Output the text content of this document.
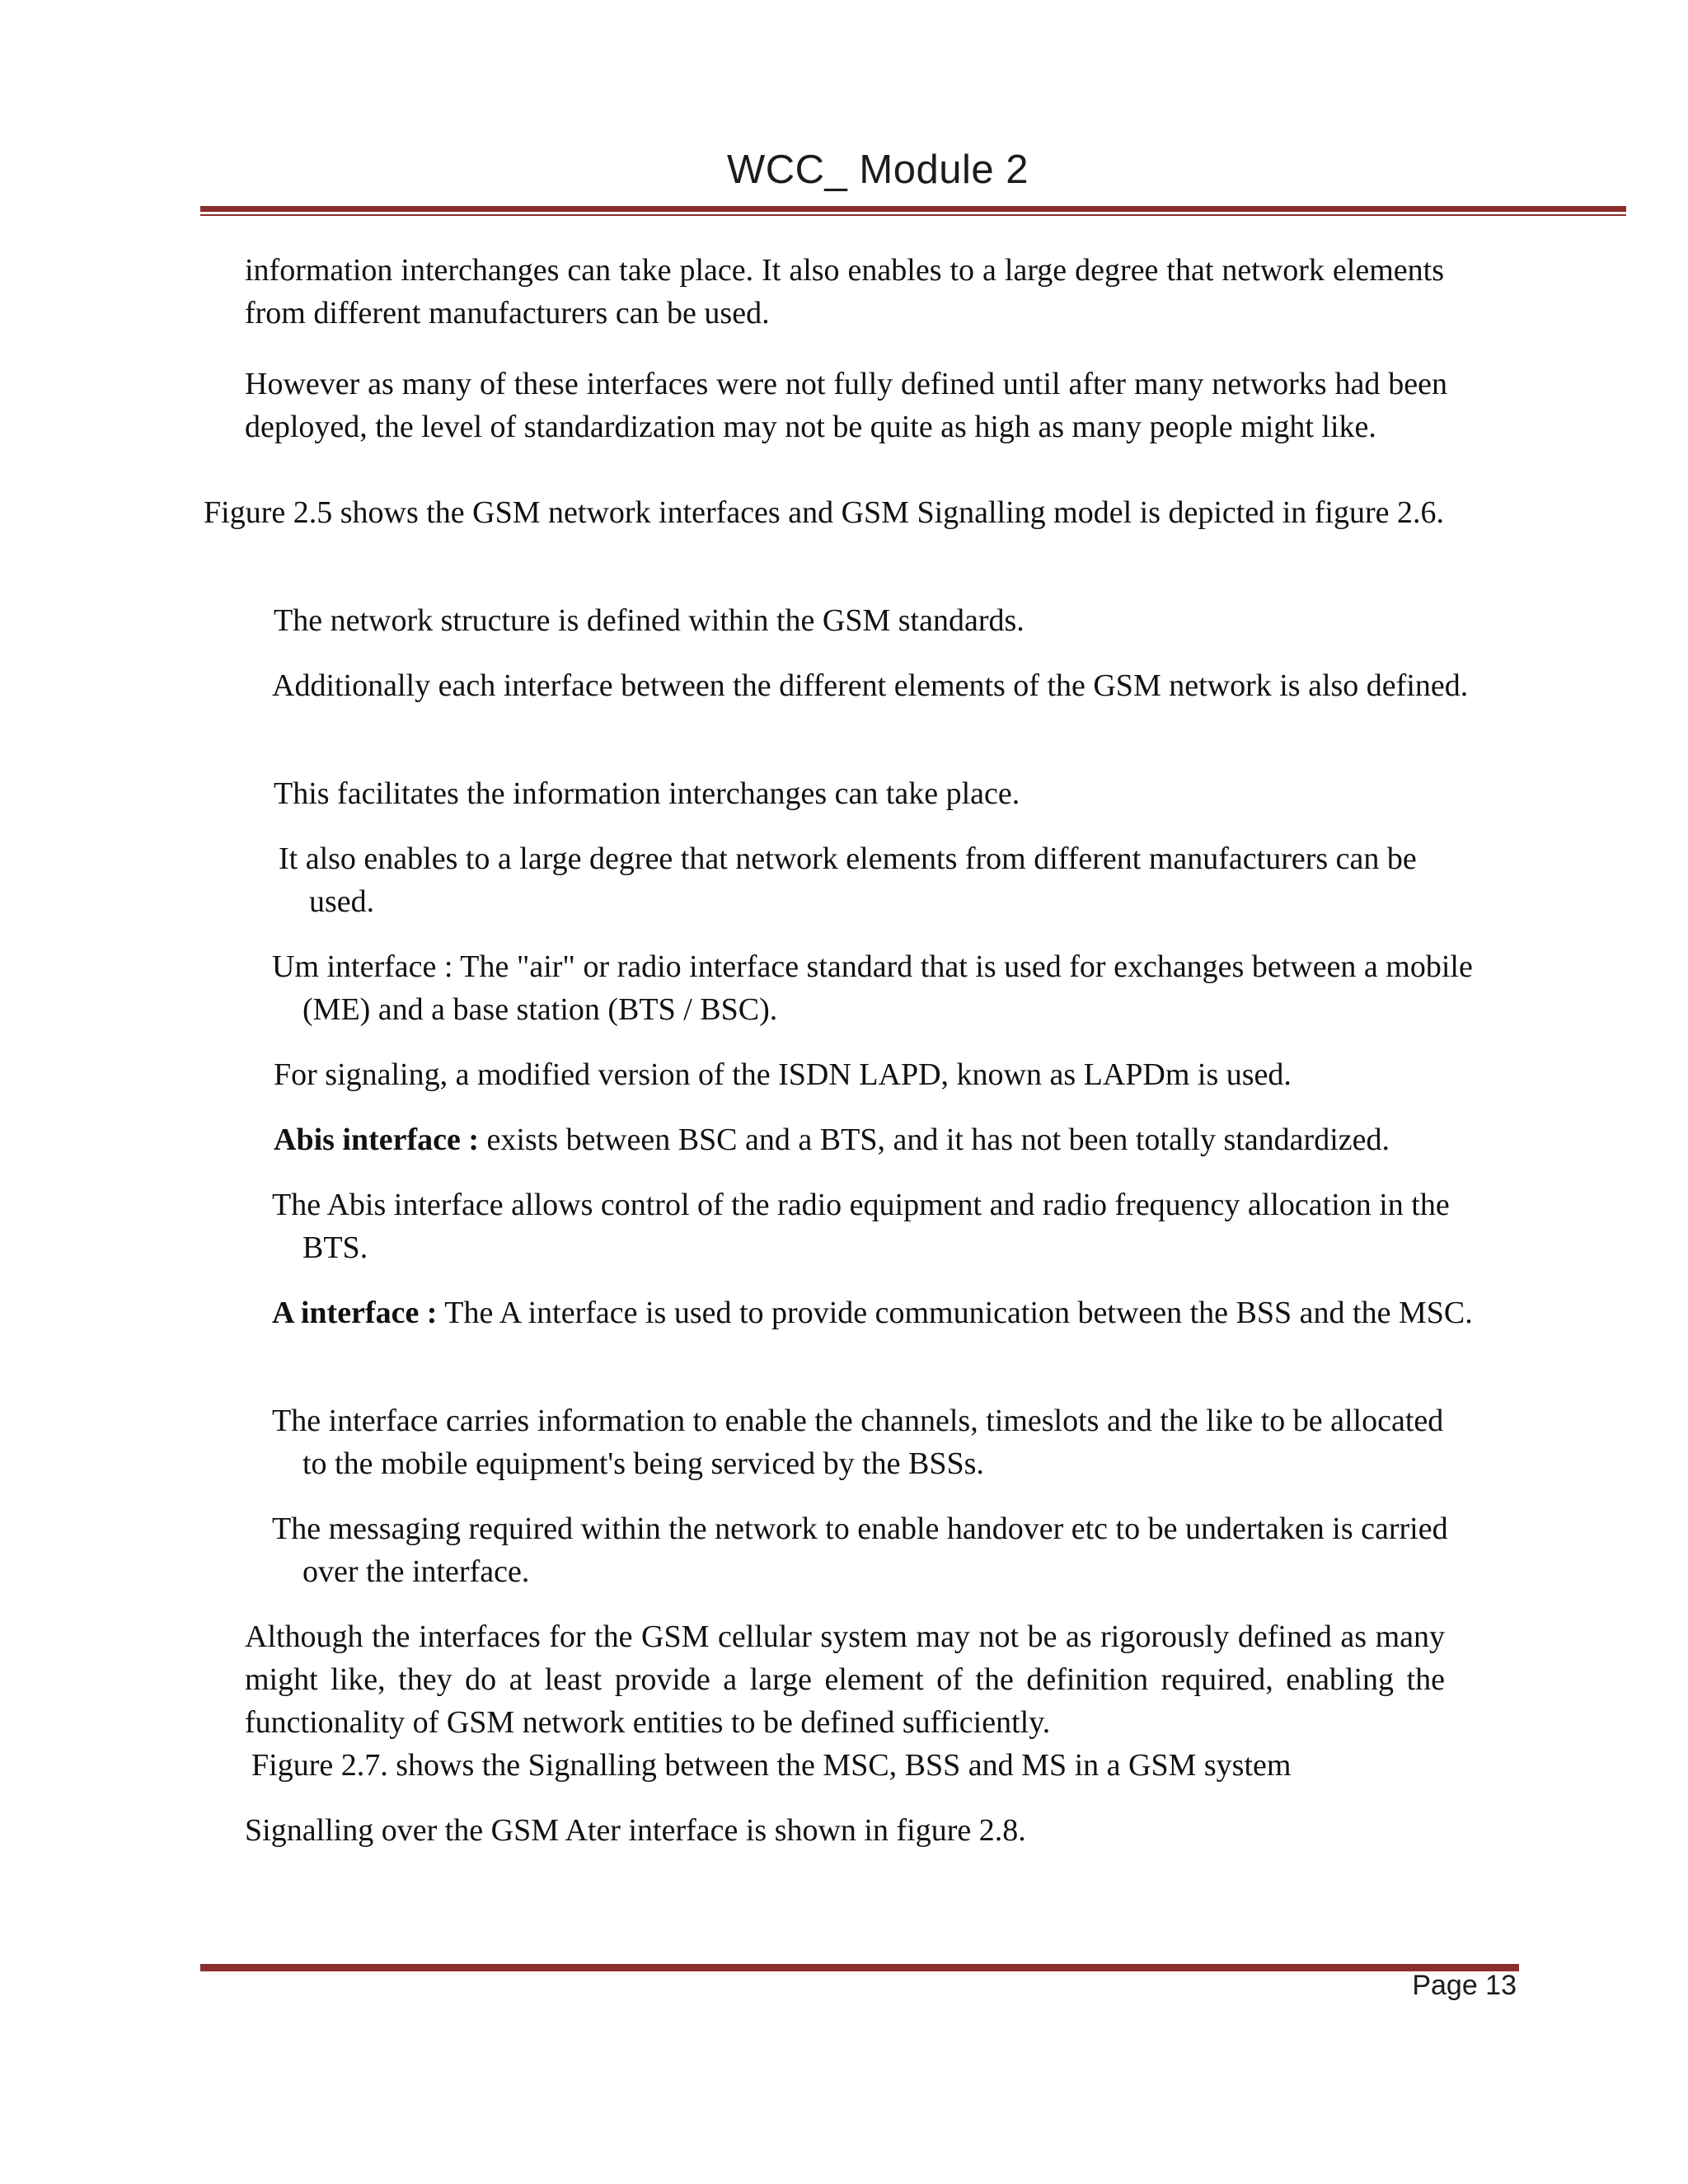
WCC_ Module 2

information interchanges can take place. It also enables to a large degree that network elements from different manufacturers can be used.

However as many of these interfaces were not fully defined until after many networks had been deployed, the level of standardization may not be quite as high as many people might like.

Figure 2.5 shows the GSM network interfaces and GSM Signalling model is depicted in figure 2.6.

The network structure is defined within the GSM standards.

Additionally each interface between the different elements of the GSM network is also defined.

This facilitates the information interchanges can take place.

It also enables to a large degree that network elements from different manufacturers can be used.

Um interface : The "air" or radio interface standard that is used for exchanges between a mobile (ME) and a base station (BTS / BSC).

For signaling, a modified version of the ISDN LAPD, known as LAPDm is used.

Abis interface : exists between BSC and a BTS, and it has not been totally standardized.

The Abis interface allows control of the radio equipment and radio frequency allocation in the BTS.

A interface : The A interface is used to provide communication between the BSS and the MSC.

The interface carries information to enable the channels, timeslots and the like to be allocated to the mobile equipment's being serviced by the BSSs.

The messaging required within the network to enable handover etc to be undertaken is carried over the interface.

Although the interfaces for the GSM cellular system may not be as rigorously defined as many might like, they do at least provide a large element of the definition required, enabling the functionality of GSM network entities to be defined sufficiently.

Figure 2.7. shows the Signalling between the MSC, BSS and MS in a GSM system

Signalling over the GSM Ater interface is shown in figure 2.8.

Page 13
